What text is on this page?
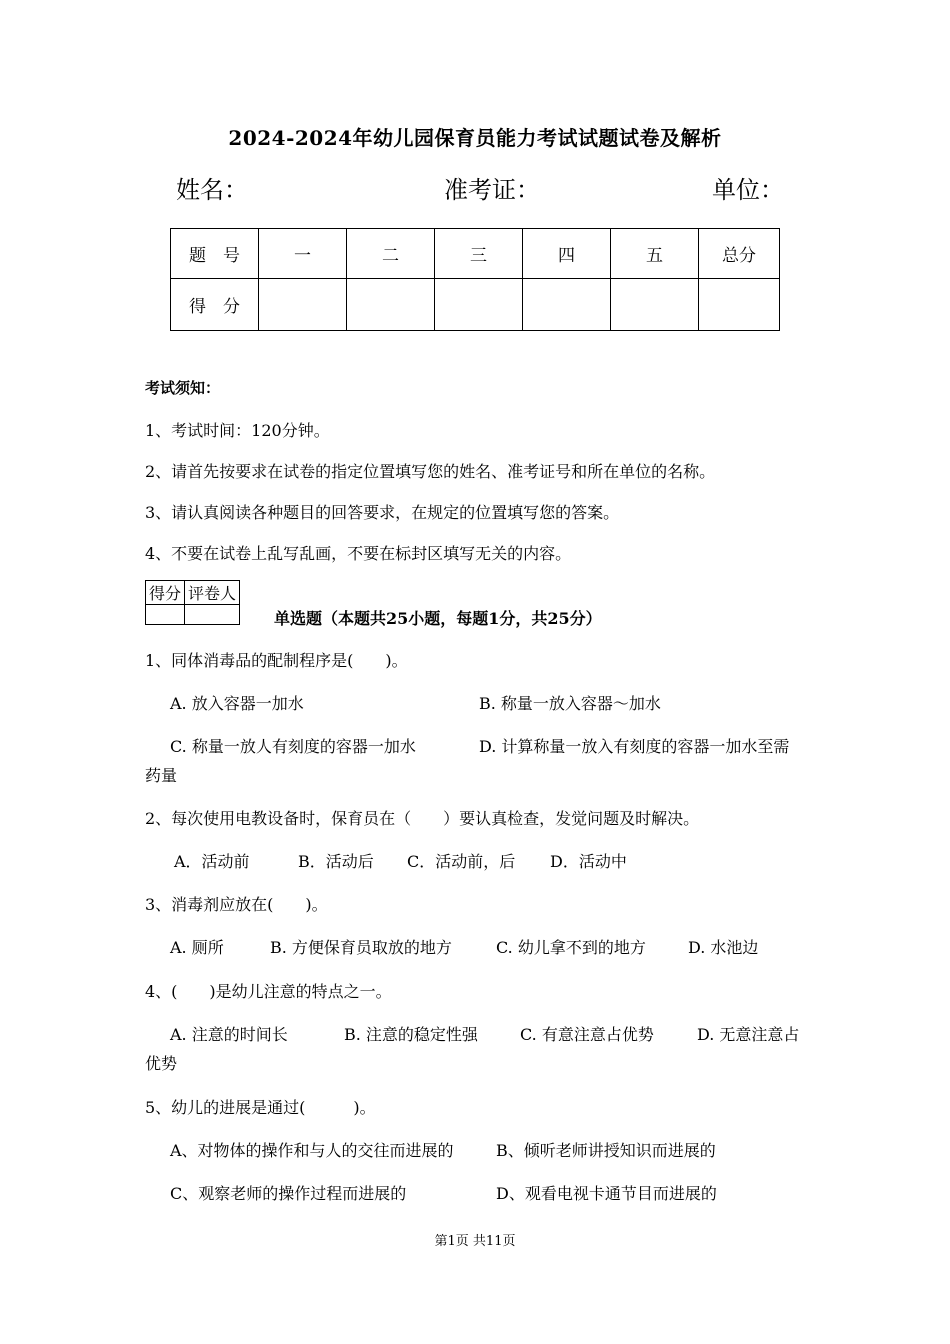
2024-2024年幼儿园保育员能力考试试题试卷及解析
姓名：	准考证：	单位：
题　号	一	二	三	四	五	总分
得　分						
考试须知：
1、考试时间：120分钟。
2、请首先按要求在试卷的指定位置填写您的姓名、准考证号和所在单位的名称。
3、请认真阅读各种题目的回答要求，在规定的位置填写您的答案。
4、不要在试卷上乱写乱画，不要在标封区填写无关的内容。
得分	评卷人

单选题（本题共25小题，每题1分，共25分）
1、同体消毒品的配制程序是(　　)。
A. 放入容器一加水	B. 称量一放入容器～加水
C. 称量一放人有刻度的容器一加水	D. 计算称量一放入有刻度的容器一加水至需
药量
2、每次使用电教设备时，保育员在（　　）要认真检查，发觉问题及时解决。
A．活动前	B．活动后 C．活动前，后 D．活动中
3、消毒剂应放在(　　)。
A. 厕所	B. 方便保育员取放的地方	C. 幼儿拿不到的地方	D. 水池边
4、(　　)是幼儿注意的特点之一。
A. 注意的时间长	B. 注意的稳定性强	C. 有意注意占优势	D. 无意注意占
优势
5、幼儿的进展是通过(　　　)。
A、对物体的操作和与人的交往而进展的	B、倾听老师讲授知识而进展的
C、观察老师的操作过程而进展的	D、观看电视卡通节目而进展的
第1页 共11页
